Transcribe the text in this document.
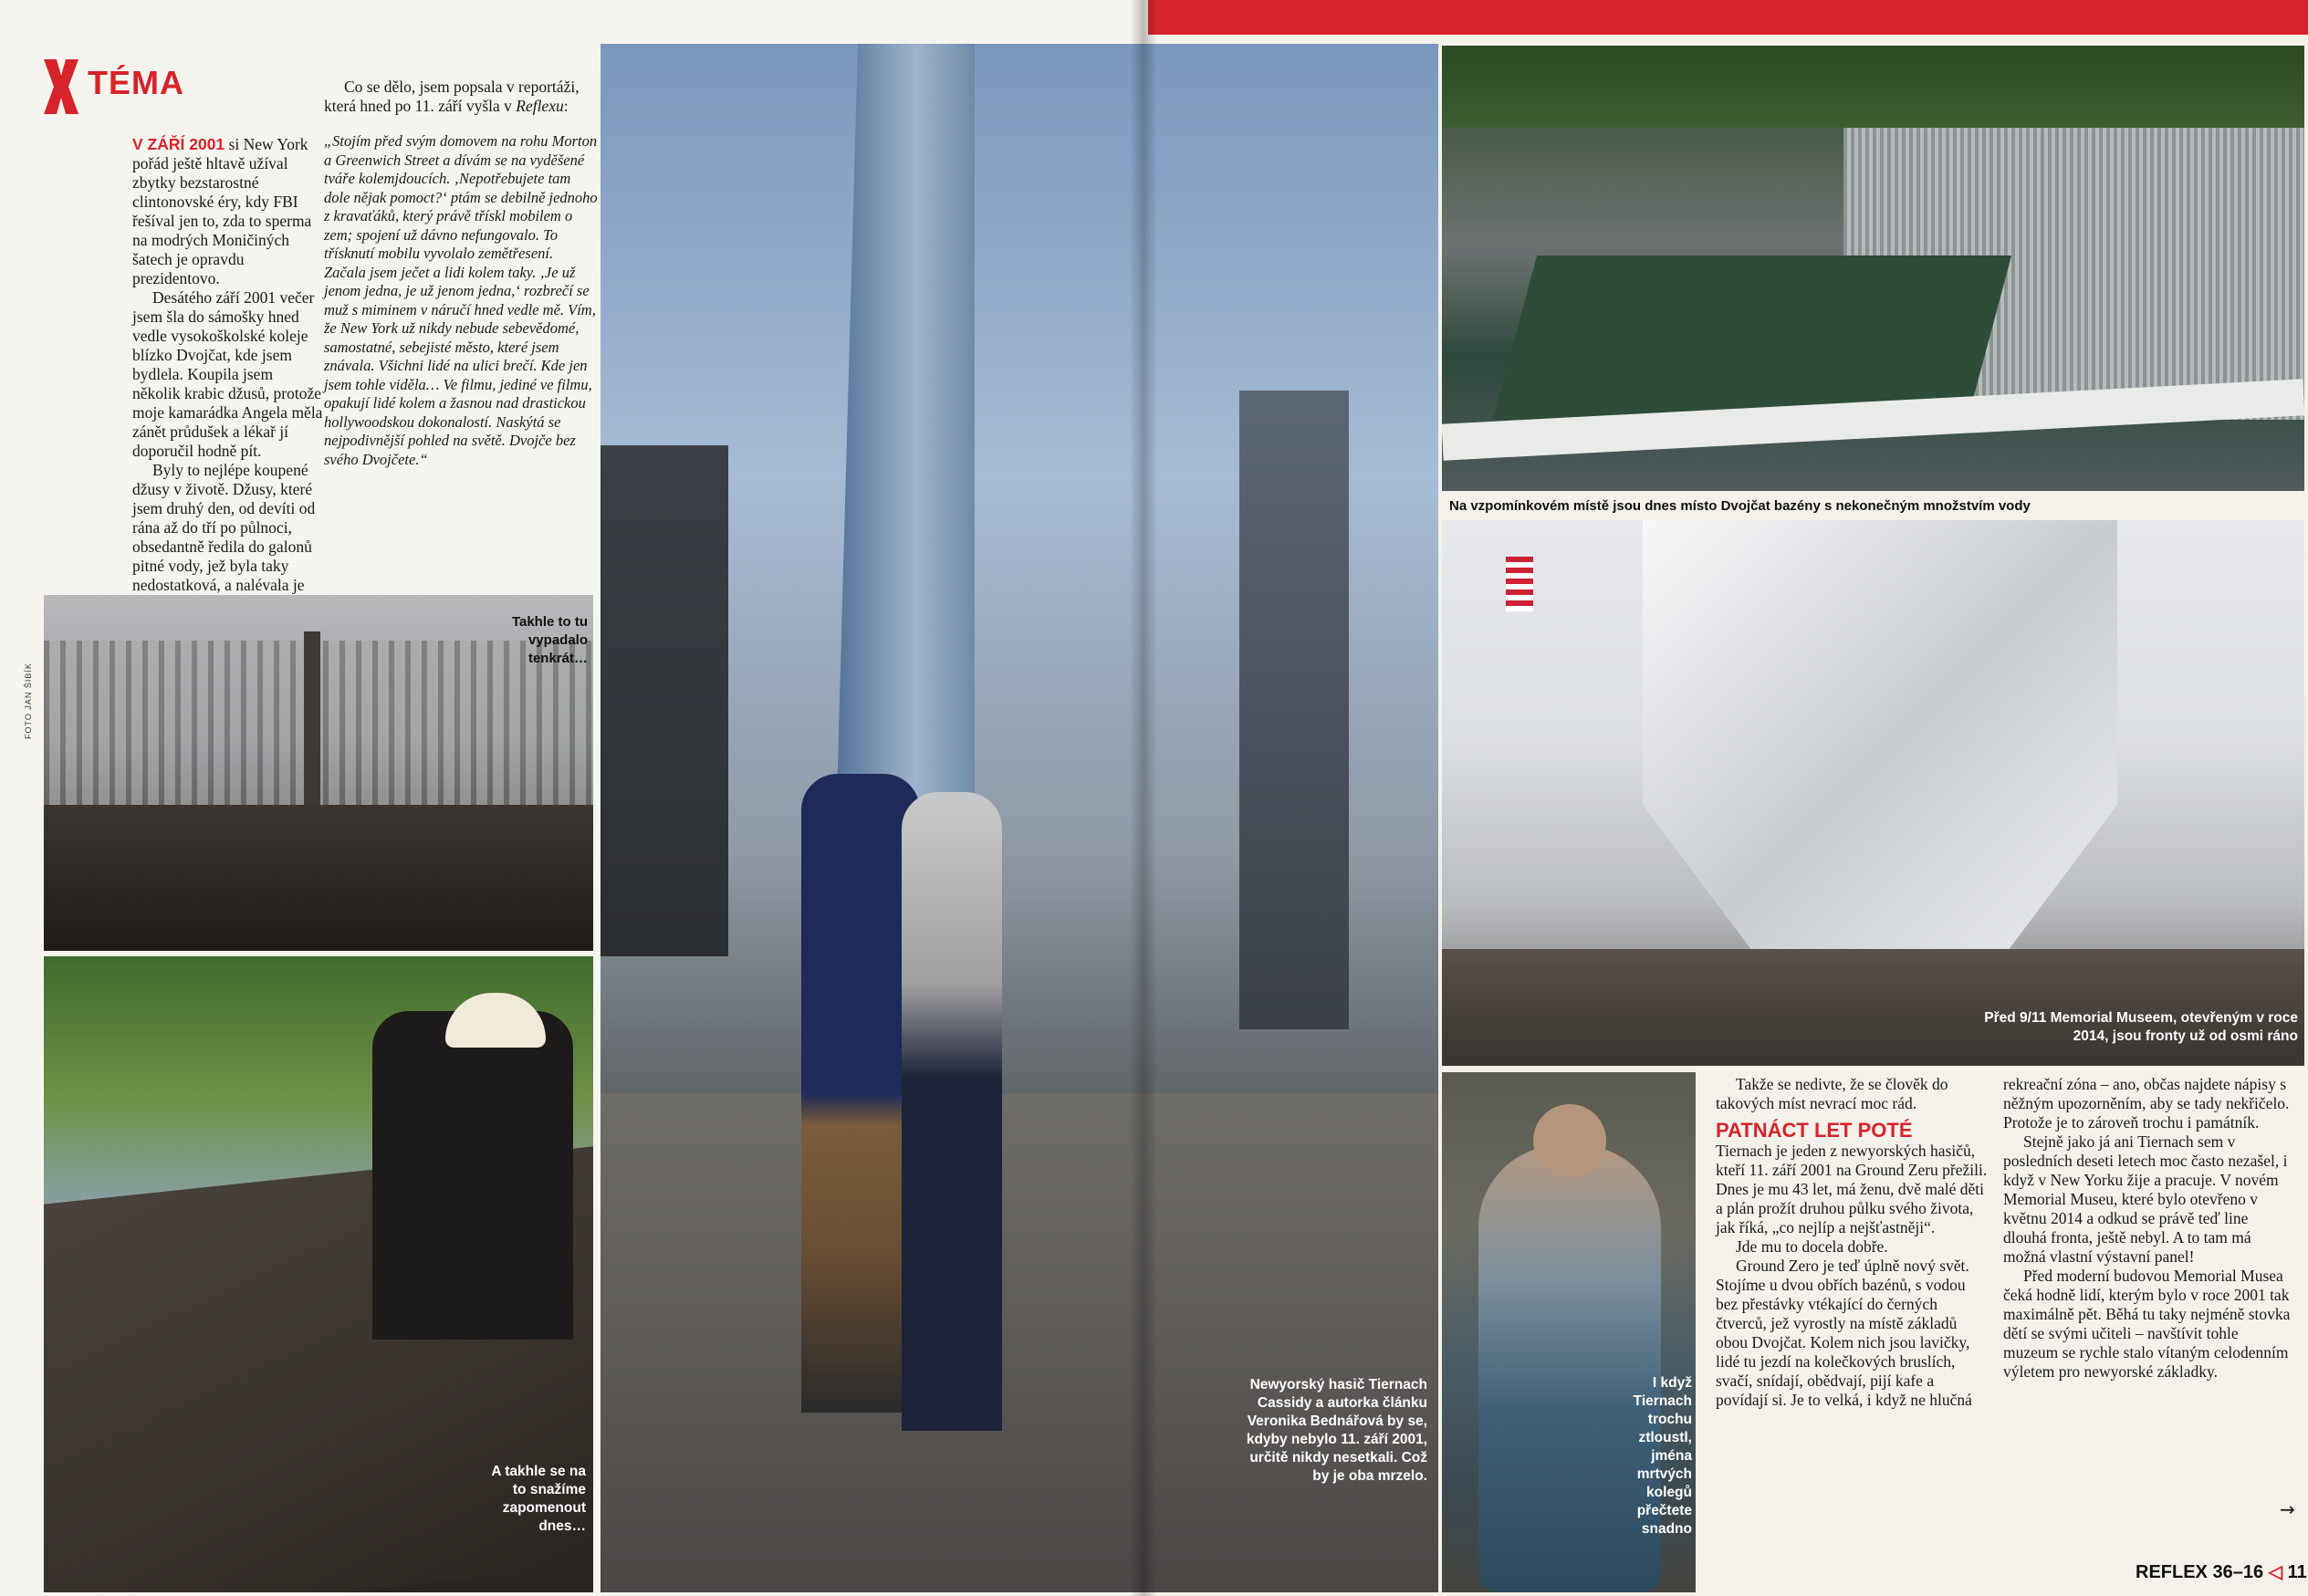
TÉMA

V ZÁŘÍ 2001 si New York pořád ještě hltavě užíval zbytky bezstarostné clintonovské éry, kdy FBI řešíval jen to, zda to sperma na modrých Moničiných šatech je opravdu prezidentovo.

Desátého září 2001 večer jsem šla do sámošky hned vedle vysokoškolské koleje blízko Dvojčat, kde jsem bydlela. Koupila jsem několik krabic džusů, protože moje kamarádka Angela měla zánět průdušek a lékař jí doporučil hodně pít.

Byly to nejlépe koupené džusy v životě. Džusy, které jsem druhý den, od devíti od rána až do tří po půlnoci, obsedantně ředila do galonů pitné vody, jež byla taky nedostatková, a nalévala je

Co se dělo, jsem popsala v reportáži, která hned po 11. září vyšla v Reflexu:

„Stojím před svým domovem na rohu Morton a Greenwich Street a dívám se na vyděšené tváře kolemjdoucích. ‚Nepotřebujete tam dole nějak pomoct?‘ ptám se debilně jednoho z kravaťáků, který právě třískl mobilem o zem; spojení už dávno nefungovalo. To třísknutí mobilu vyvolalo zemětřesení. Začala jsem ječet a lidi kolem taky. ‚Je už jenom jedna, je už jenom jedna,‘ rozbrečí se muž s miminem v náručí hned vedle mě. Vím, že New York už nikdy nebude sebevědomé, samostatné, sebejisté město, které jsem znávala. Všichni lidé na ulici brečí. Kde jen jsem tohle viděla… Ve filmu, jediné ve filmu, opakují lidé kolem a žasnou nad drastickou hollywoodskou dokonalostí. Naskýtá se nejpodivnější pohled na světě. Dvojče bez svého Dvojčete.“

FOTO JAN ŠIBÍK
Takhle to tu vypadalo tenkrát…
A takhle se na to snažíme zapomenout dnes…
Newyorský hasič Tiernach Cassidy a autorka článku Veronika Bednářová by se, kdyby nebylo 11. září 2001, určitě nikdy nesetkali. Což by je oba mrzelo.
Na vzpomínkovém místě jsou dnes místo Dvojčat bazény s nekonečným množstvím vody
Před 9/11 Memorial Museem, otevřeným v roce 2014, jsou fronty už od osmi ráno
I když Tiernach trochu ztloustl, jména mrtvých kolegů přečtete snadno

Takže se nedivte, že se člověk do takových míst nevrací moc rád.

PATNÁCT LET POTÉ

Tiernach je jeden z newyorských hasičů, kteří 11. září 2001 na Ground Zeru přežili. Dnes je mu 43 let, má ženu, dvě malé děti a plán prožít druhou půlku svého života, jak říká, „co nejlíp a nejšťastněji“.

Jde mu to docela dobře.

Ground Zero je teď úplně nový svět. Stojíme u dvou obřích bazénů, s vodou bez přestávky vtékající do černých čtverců, jež vyrostly na místě základů obou Dvojčat. Kolem nich jsou lavičky, lidé tu jezdí na kolečkových bruslích, svačí, snídají, obědvají, pijí kafe a povídají si. Je to velká, i když ne hlučná

rekreační zóna – ano, občas najdete nápisy s něžným upozorněním, aby se tady nekřičelo. Protože je to zároveň trochu i památník.

Stejně jako já ani Tiernach sem v posledních deseti letech moc často nezašel, i když v New Yorku žije a pracuje. V novém Memorial Museu, které bylo otevřeno v květnu 2014 a odkud se právě teď line dlouhá fronta, ještě nebyl. A to tam má možná vlastní výstavní panel!

Před moderní budovou Memorial Musea čeká hodně lidí, kterým bylo v roce 2001 tak maximálně pět. Běhá tu taky nejméně stovka dětí se svými učiteli – navštívit tohle muzeum se rychle stalo vítaným celodenním výletem pro newyorské základky.

→
REFLEX 36–16 ◁ 11
